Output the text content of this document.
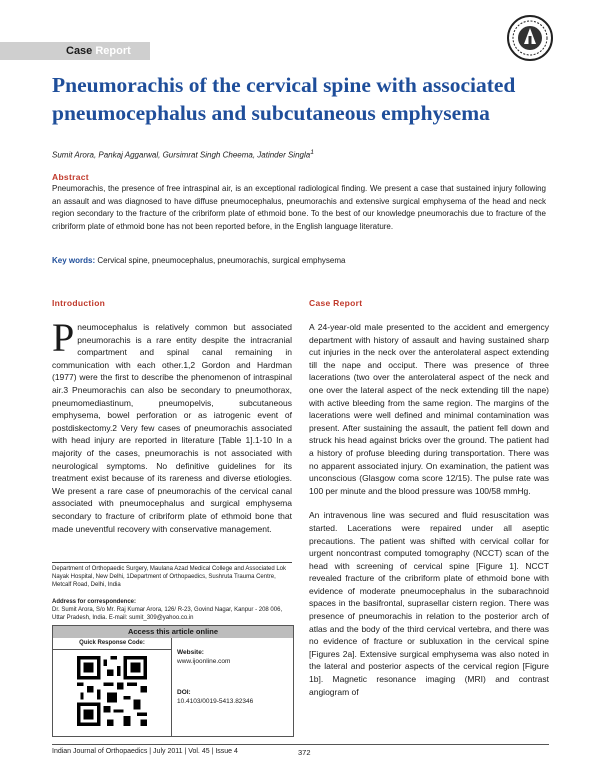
Case Report
Pneumorachis of the cervical spine with associated pneumocephalus and subcutaneous emphysema
Sumit Arora, Pankaj Aggarwal, Gursimrat Singh Cheema, Jatinder Singla$^1$
Abstract
Pneumorachis, the presence of free intraspinal air, is an exceptional radiological finding. We present a case that sustained injury following an assault and was diagnosed to have diffuse pneumocephalus, pneumorachis and extensive surgical emphysema of the head and neck region secondary to the fracture of the cribriform plate of ethmoid bone. To the best of our knowledge pneumorachis due to fracture of the cribriform plate of ethmoid bone has not been reported before, in the English language literature.
Key words: Cervical spine, pneumocephalus, pneumorachis, surgical emphysema
Introduction
Pneumocephalus is relatively common but associated pneumorachis is a rare entity despite the intracranial compartment and spinal canal remaining in communication with each other.1,2 Gordon and Hardman (1977) were the first to describe the phenomenon of intraspinal air.3 Pneumorachis can also be secondary to pneumothorax, pneumomediastinum, pneumopelvis, subcutaneous emphysema, bowel perforation or as iatrogenic event of postdiskectomy.2 Very few cases of pneumorachis associated with head injury are reported in literature [Table 1].1-10 In a majority of the cases, pneumorachis is not associated with neurological symptoms. No definitive guidelines for its treatment exist because of its rareness and diverse etiologies. We present a rare case of pneumorachis of the cervical canal associated with pneumocephalus and surgical emphysema secondary to fracture of cribriform plate of ethmoid bone that made uneventful recovery with conservative management.
Case Report

A 24-year-old male presented to the accident and emergency department with history of assault and having sustained sharp cut injuries in the neck over the anterolateral aspect extending till the nape and occiput. There was presence of three lacerations (two over the anterolateral aspect of the neck and one over the lateral aspect of the neck extending till the nape) with active bleeding from the same region. The margins of the lacerations were well defined and minimal contamination was present. After sustaining the assault, the patient fell down and struck his head against bricks over the ground. The patient had a history of profuse bleeding during transportation. There was no apparent associated injury. On examination, the patient was unconscious (Glasgow coma score 12/15). The pulse rate was 100 per minute and the blood pressure was 100/58 mmHg.

An intravenous line was secured and fluid resuscitation was started. Lacerations were repaired under all aseptic precautions. The patient was shifted with cervical collar for urgent noncontrast computed tomography (NCCT) scan of the head with screening of cervical spine [Figure 1]. NCCT revealed fracture of the cribriform plate of ethmoid bone with evidence of moderate pneumocephalus in the subarachnoid spaces in the basifrontal, suprasellar cistern region. There was presence of pneumorachis in relation to the posterior arch of atlas and the body of the third cervical vertebra, and there was no evidence of fracture or subluxation in the cervical spine [Figures 2a]. Extensive surgical emphysema was also noted in the lateral and posterior aspects of the cervical region [Figure 1b]. Magnetic resonance imaging (MRI) and contrast angiogram of

Department of Orthopaedic Surgery, Maulana Azad Medical College and Associated Lok Nayak Hospital, New Delhi, 1Department of Orthopaedics, Sushruta Trauma Centre, Metcalf Road, Delhi, India
Address for correspondence:
Dr. Sumit Arora, S/o Mr. Raj Kumar Arora, 126/ R-23, Govind Nagar, Kanpur - 208 006, Uttar Pradesh, India. E-mail: sumit_309@yahoo.co.in
Access this article online
Quick Response Code:
Website:
www.ijoonline.com
DOI:
10.4103/0019-5413.82346
Indian Journal of Orthopaedics | July 2011 | Vol. 45 | Issue 4	372
